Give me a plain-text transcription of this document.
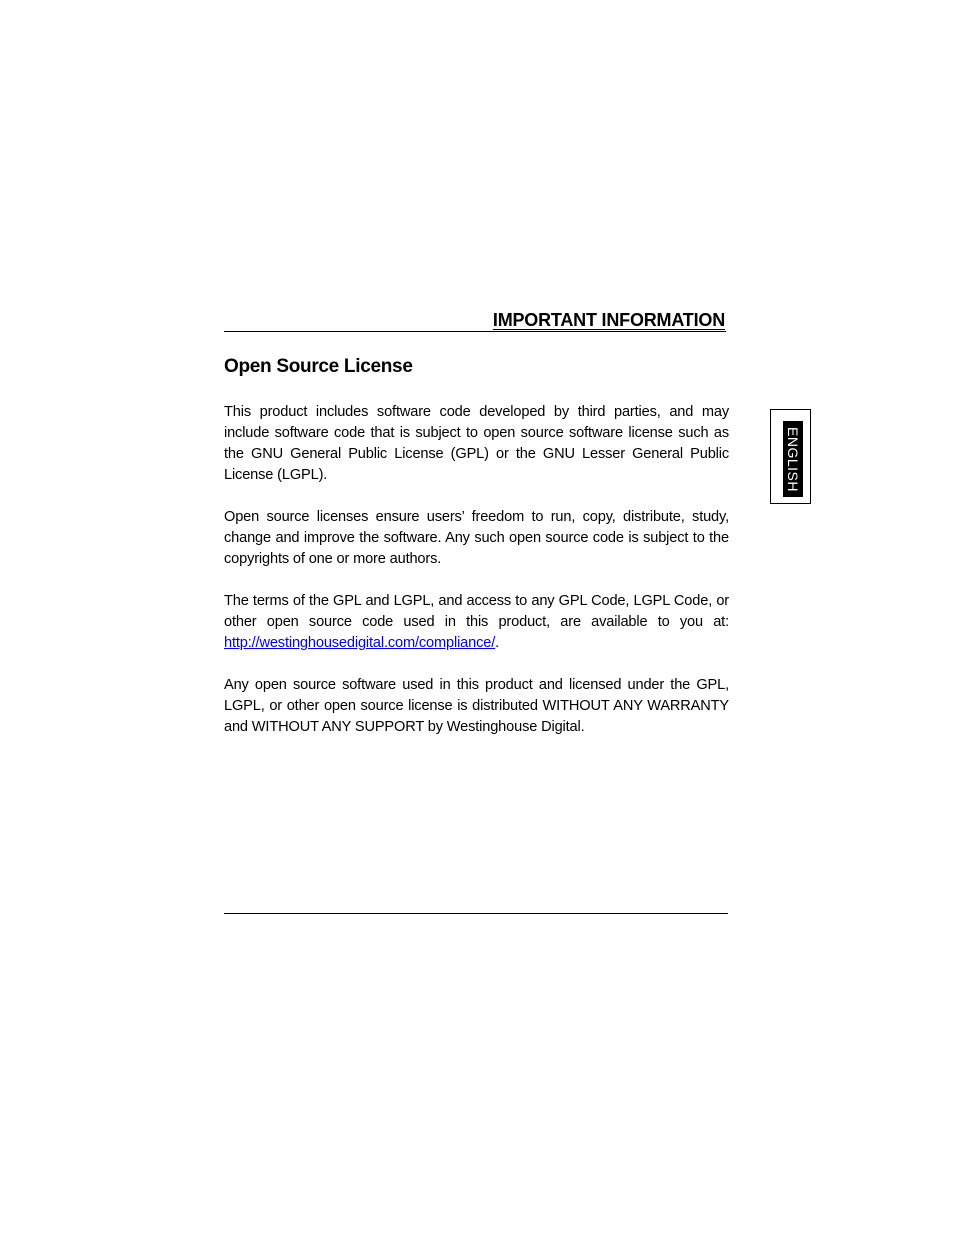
IMPORTANT INFORMATION
Open Source License

This product includes software code developed by third parties, and may include software code that is subject to open source software license such as the GNU General Public License (GPL) or the GNU Lesser General Public License (LGPL).

Open source licenses ensure users’ freedom to run, copy, distribute, study, change and improve the software. Any such open source code is subject to the copyrights of one or more authors.

The terms of the GPL and LGPL, and access to any GPL Code, LGPL Code, or other open source code used in this product, are available to you at: http://westinghousedigital.com/compliance/.

Any open source software used in this product and licensed under the GPL, LGPL, or other open source license is distributed WITHOUT ANY WARRANTY and WITHOUT ANY SUPPORT by Westinghouse Digital.

ENGLISH
